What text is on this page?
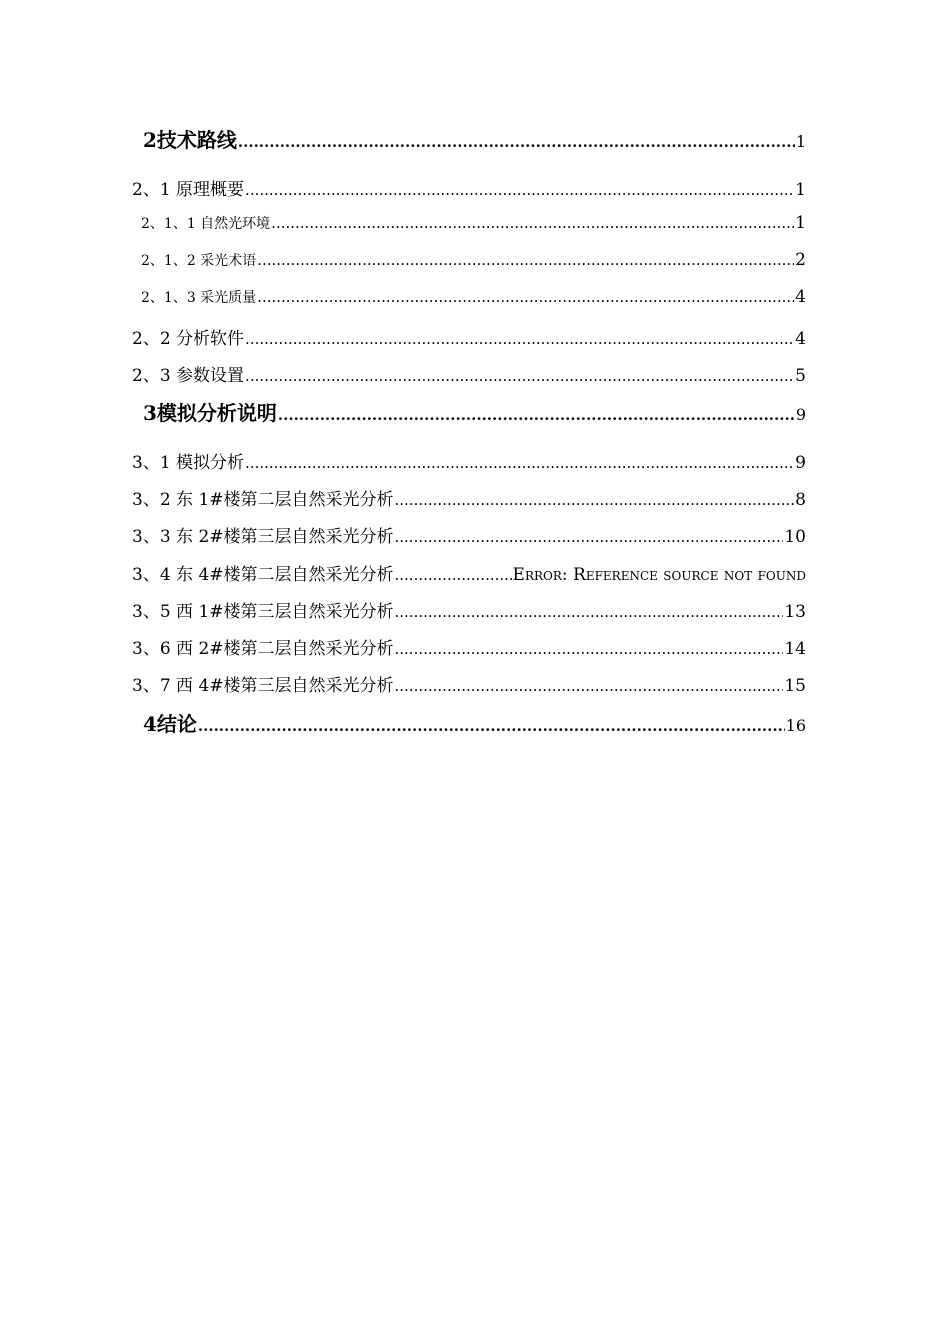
2技术路线 .....	1
2、1 原理概要 .....	1
2、1、1 自然光环境 .....	1
2、1、2 采光术语 .....	2
2、1、3 采光质量 .....	4
2、2 分析软件 .....	4
2、3 参数设置 .....	5
3模拟分析说明 .....	9
3、1 模拟分析 .....	9
3、2 东 1#楼第二层自然采光分析 .....	8
3、3 东 2#楼第三层自然采光分析 .....	10
3、4 东 4#楼第二层自然采光分析 .....	Error: Reference source not found
3、5 西 1#楼第三层自然采光分析 .....	13
3、6 西 2#楼第二层自然采光分析 .....	14
3、7 西 4#楼第三层自然采光分析 .....	15
4结论 .....	16
